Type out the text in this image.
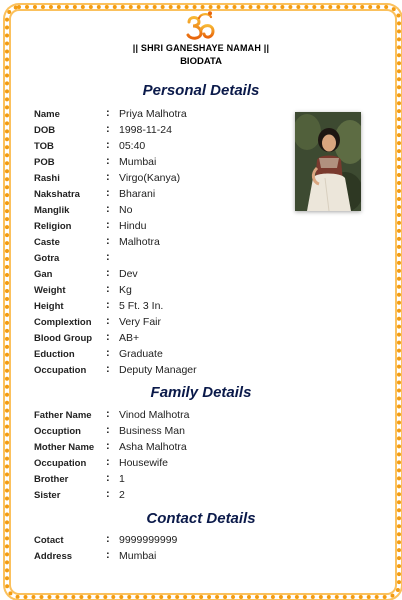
|| SHRI GANESHAYE NAMAH ||
BIODATA
Personal Details
Name	: Priya Malhotra
DOB	: 1998-11-24
TOB	: 05:40
POB	: Mumbai
Rashi	: Virgo(Kanya)
Nakshatra : Bharani
Manglik	: No
Religion	: Hindu
Caste	: Malhotra
Gotra	:
Gan	: Dev
Weight	: Kg
Height	: 5 Ft. 3 In.
Complextion : Very Fair
Blood Group : AB+
Eduction	: Graduate
Occupation : Deputy Manager
Family Details
Father Name : Vinod Malhotra
Occuption : Business Man
Mother Name : Asha Malhotra
Occupation : Housewife
Brother	: 1
Sister	: 2
Contact Details
Cotact	: 9999999999
Address	: Mumbai
